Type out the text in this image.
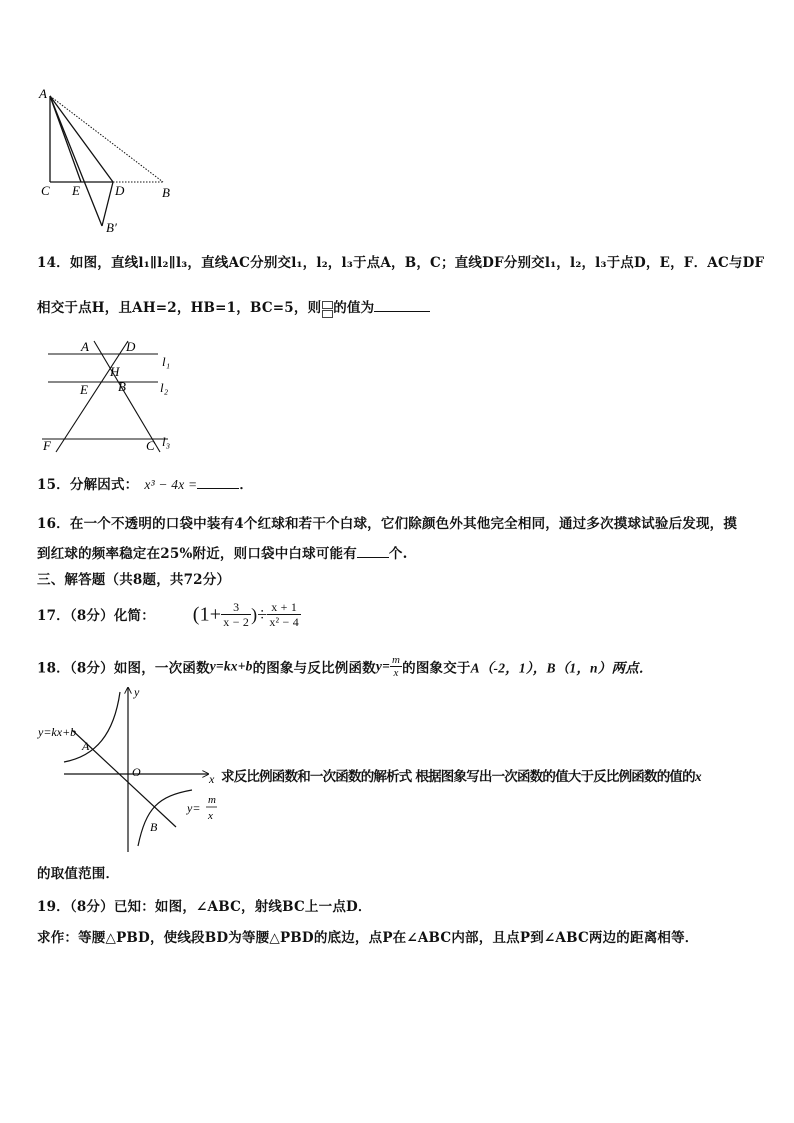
A
C E	D	B
B′
14．如图，直线l₁∥l₂∥l₃，直线AC分别交l₁，l₂，l₃于点A，B，C；直线DF分别交l₁，l₂，l₃于点D，E，F．AC与DF
相交于点H，且AH=2，HB=1，BC=5，则 的值为
A	D
l₁
H
E B	l₂
F	C l₃
15．分解因式： x³ − 4x =	．
16．在一个不透明的口袋中装有4个红球和若干个白球，它们除颜色外其他完全相同，通过多次摸球试验后发现，摸
到红球的频率稳定在25%附近，则口袋中白球可能有 个.
三、解答题（共8题，共72分）
17．（8分）化简： ($1+ \frac{3}{x - 2}$ )÷ $\frac{x + 1}{\text{x² − 4}}$
18．（8分）如图，一次函数y=kx+b的图象与反比例函数$y= \frac{m}{x}$ 的图象交于A（-2，1），B（1，n）两点．
y
y=kx+b
A
O	x
y=
m
x
B
求反比例函数和一次函数的解析式 根据图象写出一次函数的值大于反比例函数的值的x
的取值范围．
19．（8分）已知：如图，∠ABC，射线BC上一点D．
求作：等腰△PBD，使线段BD为等腰△PBD的底边，点P在∠ABC内部，且点P到∠ABC两边的距离相等．
